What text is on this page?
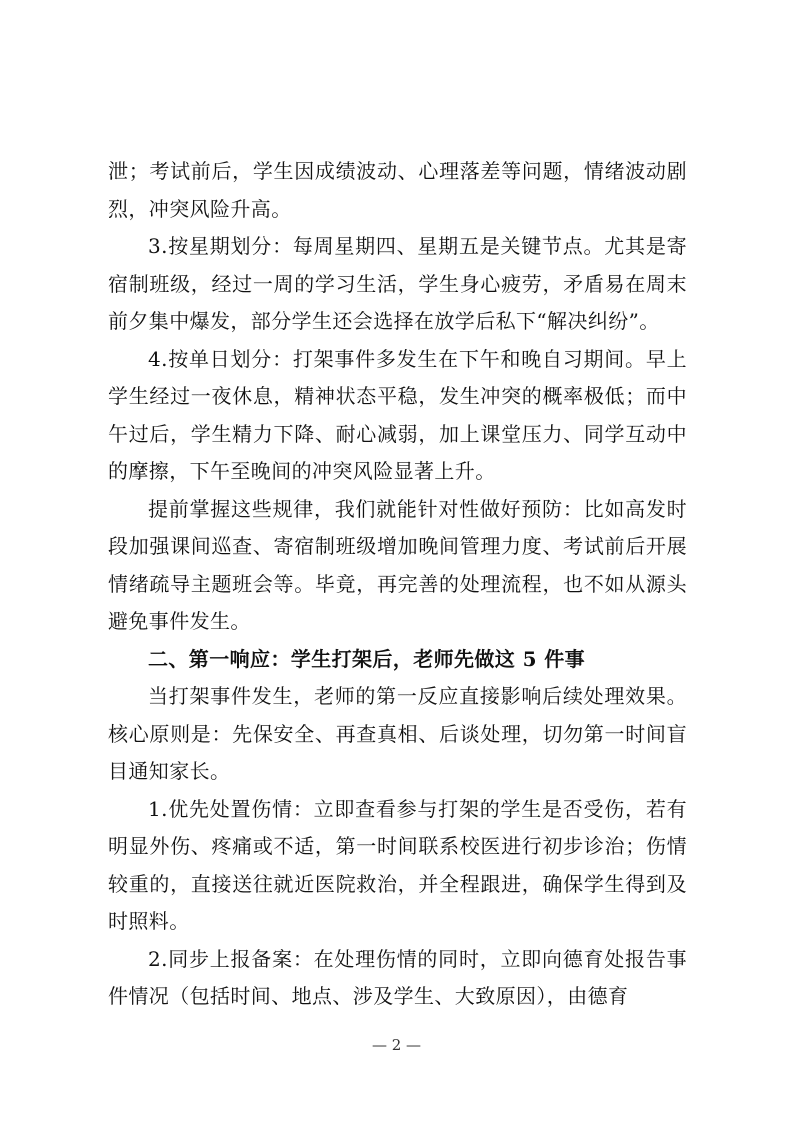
泄；考试前后，学生因成绩波动、心理落差等问题，情绪波动剧烈，冲突风险升高。

3.按星期划分：每周星期四、星期五是关键节点。尤其是寄宿制班级，经过一周的学习生活，学生身心疲劳，矛盾易在周末前夕集中爆发，部分学生还会选择在放学后私下“解决纠纷”。

4.按单日划分：打架事件多发生在下午和晚自习期间。早上学生经过一夜休息，精神状态平稳，发生冲突的概率极低；而中午过后，学生精力下降、耐心减弱，加上课堂压力、同学互动中的摩擦，下午至晚间的冲突风险显著上升。

提前掌握这些规律，我们就能针对性做好预防：比如高发时段加强课间巡查、寄宿制班级增加晚间管理力度、考试前后开展情绪疏导主题班会等。毕竟，再完善的处理流程，也不如从源头避免事件发生。

二、第一响应：学生打架后，老师先做这 5 件事

当打架事件发生，老师的第一反应直接影响后续处理效果。核心原则是：先保安全、再查真相、后谈处理，切勿第一时间盲目通知家长。

1.优先处置伤情：立即查看参与打架的学生是否受伤，若有明显外伤、疼痛或不适，第一时间联系校医进行初步诊治；伤情较重的，直接送往就近医院救治，并全程跟进，确保学生得到及时照料。

2.同步上报备案：在处理伤情的同时，立即向德育处报告事件情况（包括时间、地点、涉及学生、大致原因），由德育

— 2 —
